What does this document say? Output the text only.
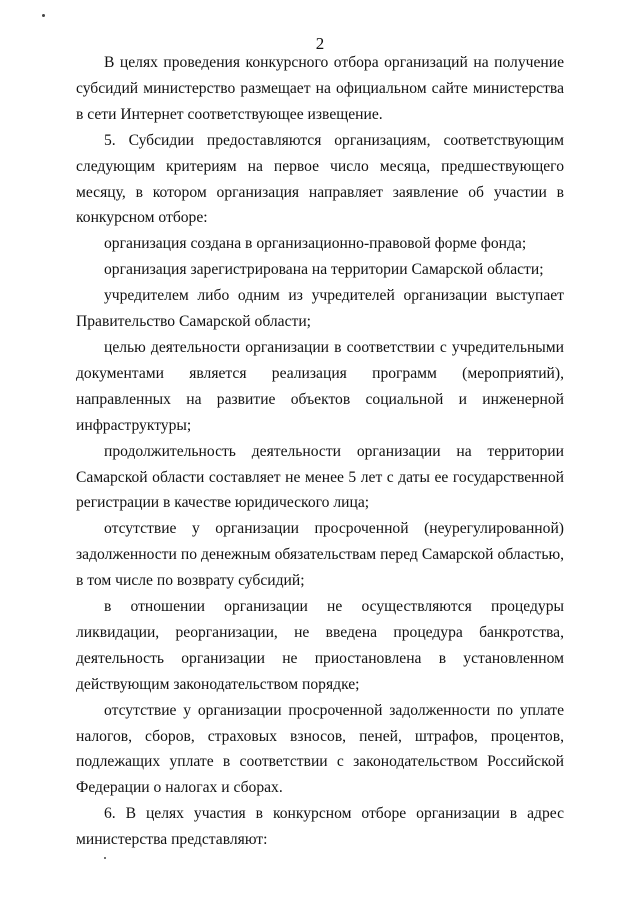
2

В целях проведения конкурсного отбора организаций на получение субсидий министерство размещает на официальном сайте министерства в сети Интернет соответствующее извещение.

5. Субсидии предоставляются организациям, соответствующим следующим критериям на первое число месяца, предшествующего месяцу, в котором организация направляет заявление об участии в конкурсном отборе:

организация создана в организационно-правовой форме фонда;

организация зарегистрирована на территории Самарской области;

учредителем либо одним из учредителей организации выступает Правительство Самарской области;

целью деятельности организации в соответствии с учредительными документами является реализация программ (мероприятий), направленных на развитие объектов социальной и инженерной инфраструктуры;

продолжительность деятельности организации на территории Самарской области составляет не менее 5 лет с даты ее государственной регистрации в качестве юридического лица;

отсутствие у организации просроченной (неурегулированной) задолженности по денежным обязательствам перед Самарской областью, в том числе по возврату субсидий;

в отношении организации не осуществляются процедуры ликвидации, реорганизации, не введена процедура банкротства, деятельность организации не приостановлена в установленном действующим законодательством порядке;

отсутствие у организации просроченной задолженности по уплате налогов, сборов, страховых взносов, пеней, штрафов, процентов, подлежащих уплате в соответствии с законодательством Российской Федерации о налогах и сборах.

6. В целях участия в конкурсном отборе организации в адрес министерства представляют:
